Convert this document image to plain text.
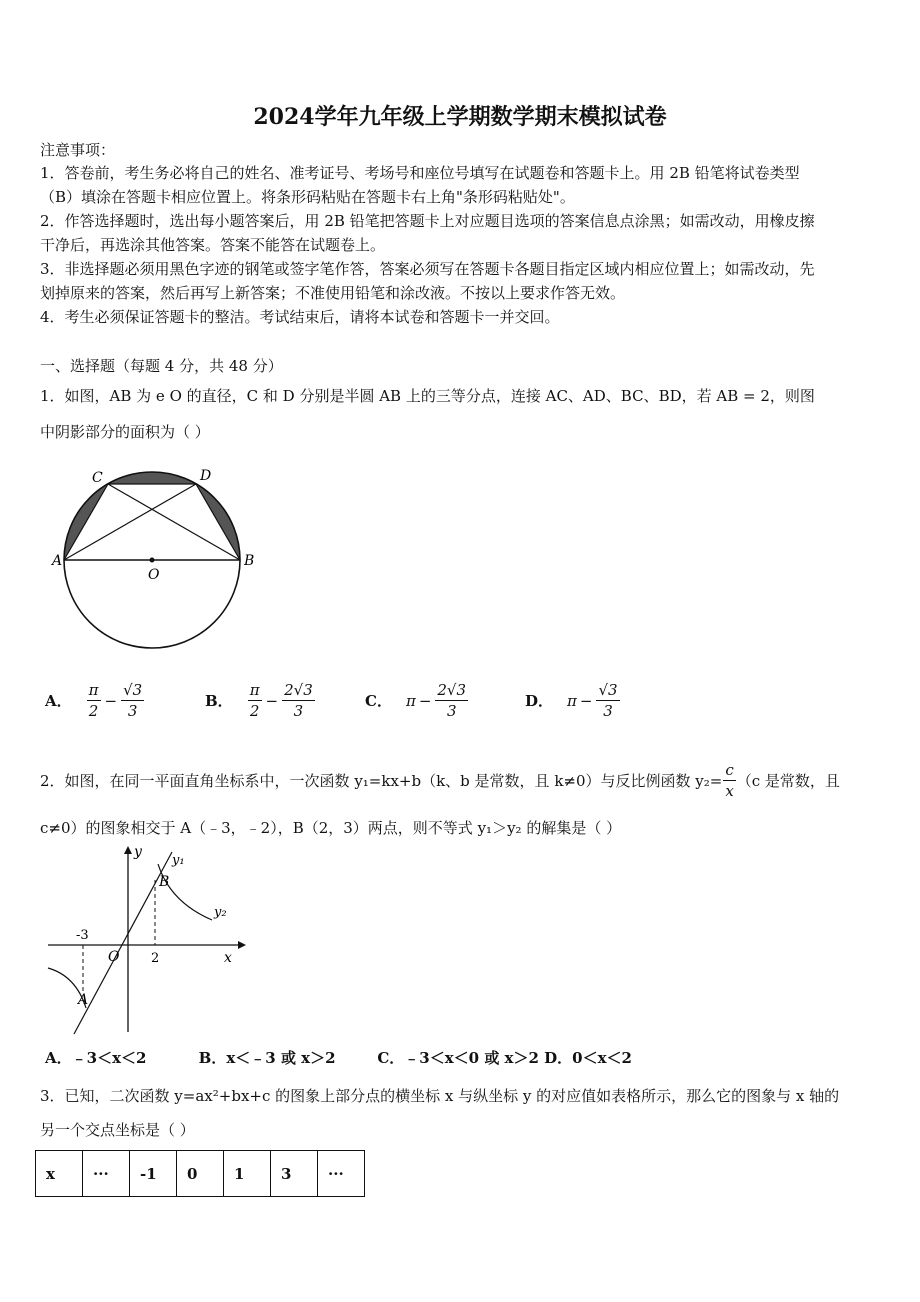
2024学年九年级上学期数学期末模拟试卷
注意事项：
1．答卷前，考生务必将自己的姓名、准考证号、考场号和座位号填写在试题卷和答题卡上。用 2B 铅笔将试卷类型
（B）填涂在答题卡相应位置上。将条形码粘贴在答题卡右上角"条形码粘贴处"。
2．作答选择题时，选出每小题答案后，用 2B 铅笔把答题卡上对应题目选项的答案信息点涂黑；如需改动，用橡皮擦
干净后，再选涂其他答案。答案不能答在试题卷上。
3．非选择题必须用黑色字迹的钢笔或签字笔作答，答案必须写在答题卡各题目指定区域内相应位置上；如需改动，先
划掉原来的答案，然后再写上新答案；不准使用铅笔和涂改液。不按以上要求作答无效。
4．考生必须保证答题卡的整洁。考试结束后，请将本试卷和答题卡一并交回。
一、选择题（每题 4 分，共 48 分）
1．如图，AB 为 e O 的直径，C 和 D 分别是半圆 AB 上的三等分点，连接 AC、AD、BC、BD，若 AB = 2，则图
中阴影部分的面积为（ ）
A	B
C	D
O
A． $\frac{\pi}{2} - \frac{√3}{3}$	B． $\frac{\pi}{2} - \frac{2√3}{3}$	C． $\pi - \frac{2√3}{3}$	D． $\pi - \frac{√3}{3}$
2．如图，在同一平面直角坐标系中，一次函数 y₁=kx+b（k、b 是常数，且 k≠0）与反比例函数 $y_2= \frac{c}{x} (c$ 是常数，且
c≠0）的图象相交于 A（﹣3，﹣2），B（2，3）两点，则不等式 y₁＞y₂ 的解集是（ ）
y
x
y₁
y₂
B
A
O
-3
2
A．﹣3＜x＜2          B．x＜﹣3 或 x＞2        C．﹣3＜x＜0 或 x＞2 D．0＜x＜2
3．已知，二次函数 y=ax²+bx+c 的图象上部分点的横坐标 x 与纵坐标 y 的对应值如表格所示，那么它的图象与 x 轴的
另一个交点坐标是（ ）
x	···	-1	0	1	3	···
